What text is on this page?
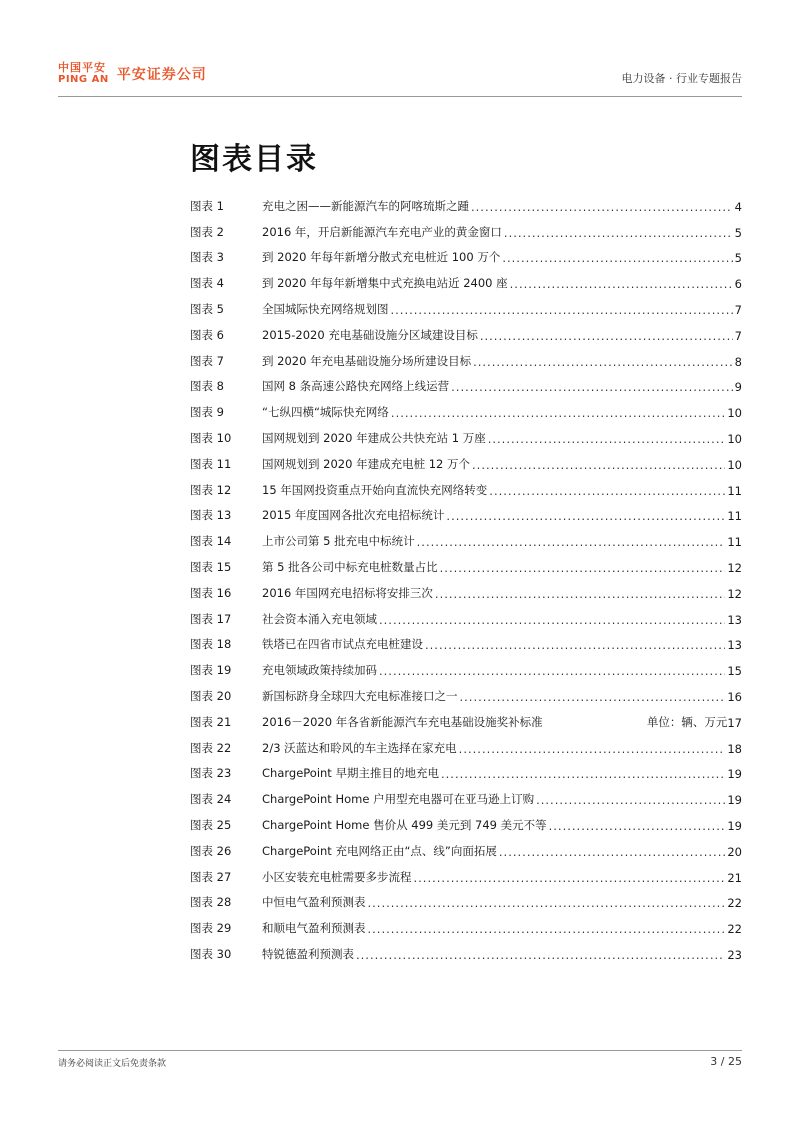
中国平安
PING AN 平安证券公司	电力设备 · 行业专题报告
图表目录
图表 1	充电之困——新能源汽车的阿喀琉斯之踵 .....	4
图表 2	2016 年，开启新能源汽车充电产业的黄金窗口 .....	5
图表 3	到 2020 年每年新增分散式充电桩近 100 万个 .....	5
图表 4	到 2020 年每年新增集中式充换电站近 2400 座 .....	6
图表 5	全国城际快充网络规划图 .....	7
图表 6	2015-2020 充电基础设施分区域建设目标 .....	7
图表 7	到 2020 年充电基础设施分场所建设目标 .....	8
图表 8	国网 8 条高速公路快充网络上线运营 .....	9
图表 9	“七纵四横“城际快充网络 .....	10
图表 10	国网规划到 2020 年建成公共快充站 1 万座 .....	10
图表 11	国网规划到 2020 年建成充电桩 12 万个 .....	10
图表 12	15 年国网投资重点开始向直流快充网络转变 .....	11
图表 13	2015 年度国网各批次充电招标统计 .....	11
图表 14	上市公司第 5 批充电中标统计 .....	11
图表 15	第 5 批各公司中标充电桩数量占比 .....	12
图表 16	2016 年国网充电招标将安排三次 .....	12
图表 17	社会资本涌入充电领域 .....	13
图表 18	铁塔已在四省市试点充电桩建设 .....	13
图表 19	充电领域政策持续加码 .....	15
图表 20	新国标跻身全球四大充电标准接口之一 .....	16
图表 21	2016－2020 年各省新能源汽车充电基础设施奖补标准	单位：辆、万元 17
图表 22	2/3 沃蓝达和聆风的车主选择在家充电 .....	18
图表 23	ChargePoint 早期主推目的地充电 .....	19
图表 24	ChargePoint Home 户用型充电器可在亚马逊上订购 .....	19
图表 25	ChargePoint Home 售价从 499 美元到 749 美元不等 .....	19
图表 26	ChargePoint 充电网络正由“点、线”向面拓展 .....	20
图表 27	小区安装充电桩需要多步流程 .....	21
图表 28	中恒电气盈利预测表 .....	22
图表 29	和顺电气盈利预测表 .....	22
图表 30	特锐德盈利预测表 .....	23
请务必阅读正文后免责条款	3 / 25
